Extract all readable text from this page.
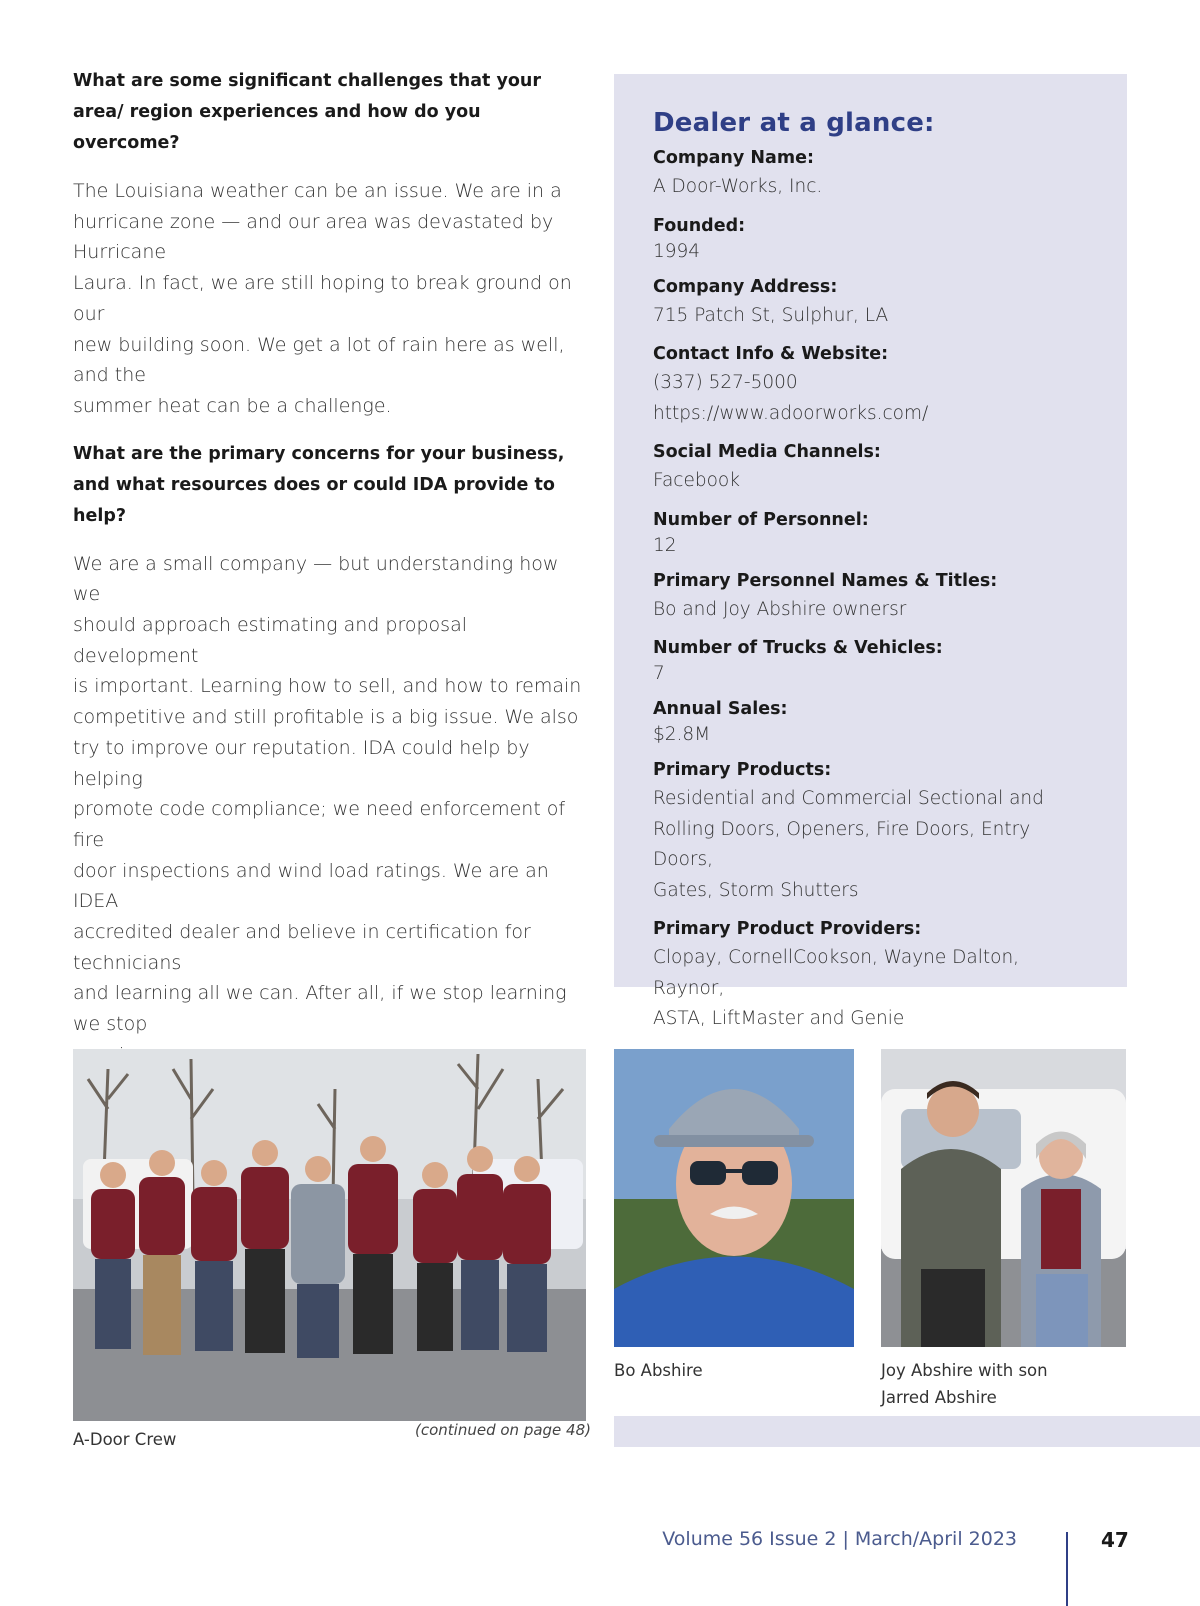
What are some significant challenges that your area/ region experiences and how do you overcome?

The Louisiana weather can be an issue. We are in a
hurricane zone — and our area was devastated by Hurricane
Laura. In fact, we are still hoping to break ground on our
new building soon. We get a lot of rain here as well, and the
summer heat can be a challenge.

What are the primary concerns for your business, and what resources does or could IDA provide to help?

We are a small company — but understanding how we
should approach estimating and proposal development
is important. Learning how to sell, and how to remain
competitive and still profitable is a big issue. We also
try to improve our reputation. IDA could help by helping
promote code compliance; we need enforcement of fire
door inspections and wind load ratings. We are an IDEA
accredited dealer and believe in certification for technicians
and learning all we can. After all, if we stop learning we stop

(continued on page 48)
Dealer at a glance:
Company Name:
A Door-Works, Inc.
Founded:
1994
Company Address:
715 Patch St, Sulphur, LA
Contact Info & Website:
(337) 527-5000
https://www.adoorworks.com/
Social Media Channels:
Facebook
Number of Personnel:
12
Primary Personnel Names & Titles:
Bo and Joy Abshire ownersr
Number of Trucks & Vehicles:
7
Annual Sales:
$2.8M
Primary Products:
Residential and Commercial Sectional and
Rolling Doors, Openers, Fire Doors, Entry Doors,
Gates, Storm Shutters
Primary Product Providers:
Clopay, CornellCookson, Wayne Dalton, Raynor,
ASTA, LiftMaster and Genie
A-Door Crew
Bo Abshire	Joy Abshire with son
Jarred Abshire
Volume 56 Issue 2 | March/April 2023	47
